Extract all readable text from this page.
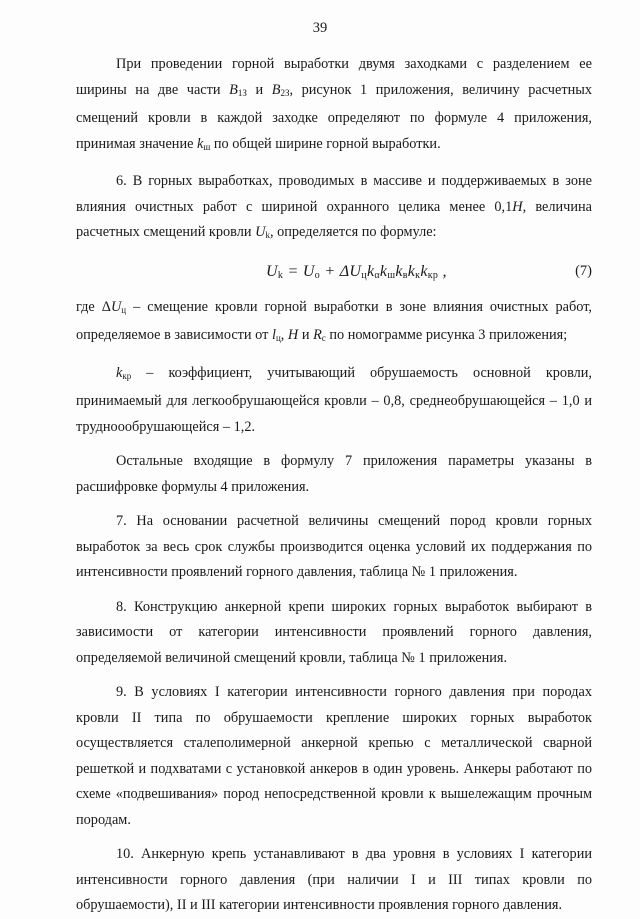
39

При проведении горной выработки двумя заходками с разделением ее ширины на две части $B_{1З}$ и $B_{2З}$, рисунок 1 приложения, величину расчетных смещений кровли в каждой заходке определяют по формуле 4 приложения, принимая значение $k_ш$ по общей ширине горной выработки.

6. В горных выработках, проводимых в массиве и поддерживаемых в зоне влияния очистных работ с шириной охранного целика менее 0,1H, величина расчетных смещений кровли $U_k$, определяется по формуле:

$U_k = U_о + \Delta U_цk_\alpha k_шk_вk_кk_{кр}$ ,	(7)

где $\Delta U_ц$ – смещение кровли горной выработки в зоне влияния очистных работ, определяемое в зависимости от $l_ц$, H и $R_с$ по номограмме рисунка 3 приложения;

$k_{кр}$ – коэффициент, учитывающий обрушаемость основной кровли, принимаемый для легкообрушающейся кровли – 0,8, среднеобрушающейся – 1,0 и трудноообрушающейся – 1,2.

Остальные входящие в формулу 7 приложения параметры указаны в расшифровке формулы 4 приложения.

7. На основании расчетной величины смещений пород кровли горных выработок за весь срок службы производится оценка условий их поддержания по интенсивности проявлений горного давления, таблица № 1 приложения.

8. Конструкцию анкерной крепи широких горных выработок выбирают в зависимости от категории интенсивности проявлений горного давления, определяемой величиной смещений кровли, таблица № 1 приложения.

9. В условиях I категории интенсивности горного давления при породах кровли II типа по обрушаемости крепление широких горных выработок осуществляется сталеполимерной анкерной крепью с металлической сварной решеткой и подхватами с установкой анкеров в один уровень. Анкеры работают по схеме «подвешивания» пород непосредственной кровли к вышележащим прочным породам.

10. Анкерную крепь устанавливают в два уровня в условиях I категории интенсивности горного давления (при наличии I и III типах кровли по обрушаемости), II и III категории интенсивности проявления горного давления.
